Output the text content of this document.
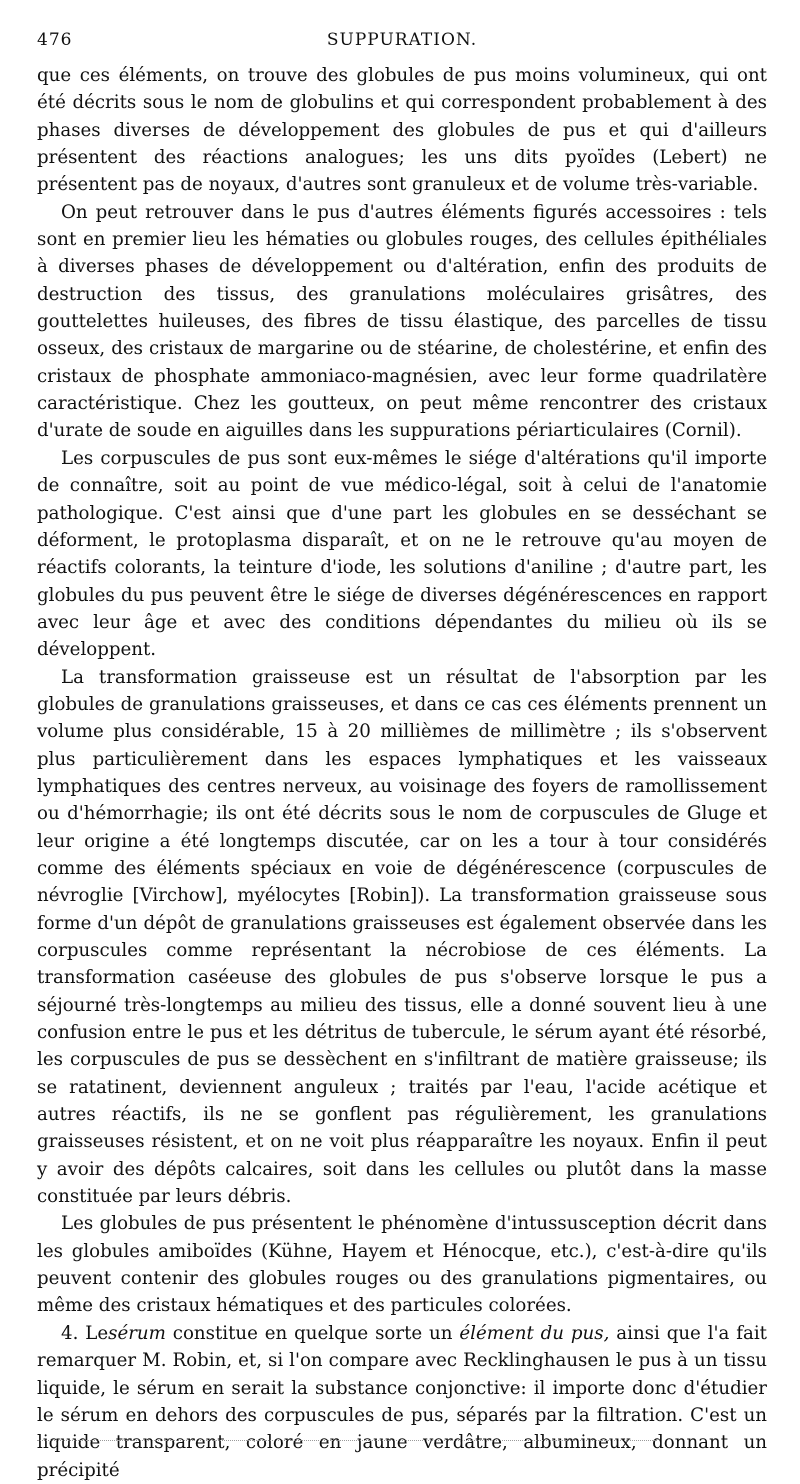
476	SUPPURATION.

que ces éléments, on trouve des globules de pus moins volumineux, qui ont été décrits sous le nom de globulins et qui correspondent probablement à des phases diverses de développement des globules de pus et qui d'ailleurs présentent des réactions analogues; les uns dits pyoïdes (Lebert) ne présentent pas de noyaux, d'autres sont granuleux et de volume très-variable.

On peut retrouver dans le pus d'autres éléments figurés accessoires : tels sont en premier lieu les hématies ou globules rouges, des cellules épithéliales à diverses phases de développement ou d'altération, enfin des produits de destruction des tissus, des granulations moléculaires grisâtres, des gouttelettes huileuses, des fibres de tissu élastique, des parcelles de tissu osseux, des cristaux de margarine ou de stéarine, de cholestérine, et enfin des cristaux de phosphate ammoniaco-magnésien, avec leur forme quadrilatère caractéristique. Chez les goutteux, on peut même rencontrer des cristaux d'urate de soude en aiguilles dans les suppurations périarticulaires (Cornil).

Les corpuscules de pus sont eux-mêmes le siége d'altérations qu'il importe de connaître, soit au point de vue médico-légal, soit à celui de l'anatomie pathologique. C'est ainsi que d'une part les globules en se desséchant se déforment, le protoplasma disparaît, et on ne le retrouve qu'au moyen de réactifs colorants, la teinture d'iode, les solutions d'aniline ; d'autre part, les globules du pus peuvent être le siége de diverses dégénérescences en rapport avec leur âge et avec des conditions dépendantes du milieu où ils se développent.

La transformation graisseuse est un résultat de l'absorption par les globules de granulations graisseuses, et dans ce cas ces éléments prennent un volume plus considérable, 15 à 20 millièmes de millimètre ; ils s'observent plus particulièrement dans les espaces lymphatiques et les vaisseaux lymphatiques des centres nerveux, au voisinage des foyers de ramollissement ou d'hémorrhagie; ils ont été décrits sous le nom de corpuscules de Gluge et leur origine a été longtemps discutée, car on les a tour à tour considérés comme des éléments spéciaux en voie de dégénérescence (corpuscules de névroglie [Virchow], myélocytes [Robin]). La transformation graisseuse sous forme d'un dépôt de granulations graisseuses est également observée dans les corpuscules comme représentant la nécrobiose de ces éléments. La transformation caséeuse des globules de pus s'observe lorsque le pus a séjourné très-longtemps au milieu des tissus, elle a donné souvent lieu à une confusion entre le pus et les détritus de tubercule, le sérum ayant été résorbé, les corpuscules de pus se dessèchent en s'infiltrant de matière graisseuse; ils se ratatinent, deviennent anguleux ; traités par l'eau, l'acide acétique et autres réactifs, ils ne se gonflent pas régulièrement, les granulations graisseuses résistent, et on ne voit plus réapparaître les noyaux. Enfin il peut y avoir des dépôts calcaires, soit dans les cellules ou plutôt dans la masse constituée par leurs débris.

Les globules de pus présentent le phénomène d'intussusception décrit dans les globules amiboïdes (Kühne, Hayem et Hénocque, etc.), c'est-à-dire qu'ils peuvent contenir des globules rouges ou des granulations pigmentaires, ou même des cristaux hématiques et des particules colorées.

4. Lesérum constitue en quelque sorte un élément du pus, ainsi que l'a fait remarquer M. Robin, et, si l'on compare avec Recklinghausen le pus à un tissu liquide, le sérum en serait la substance conjonctive: il importe donc d'étudier le sérum en dehors des corpuscules de pus, séparés par la filtration. C'est un liquide transparent, coloré en jaune verdâtre, albumineux, donnant un précipité
